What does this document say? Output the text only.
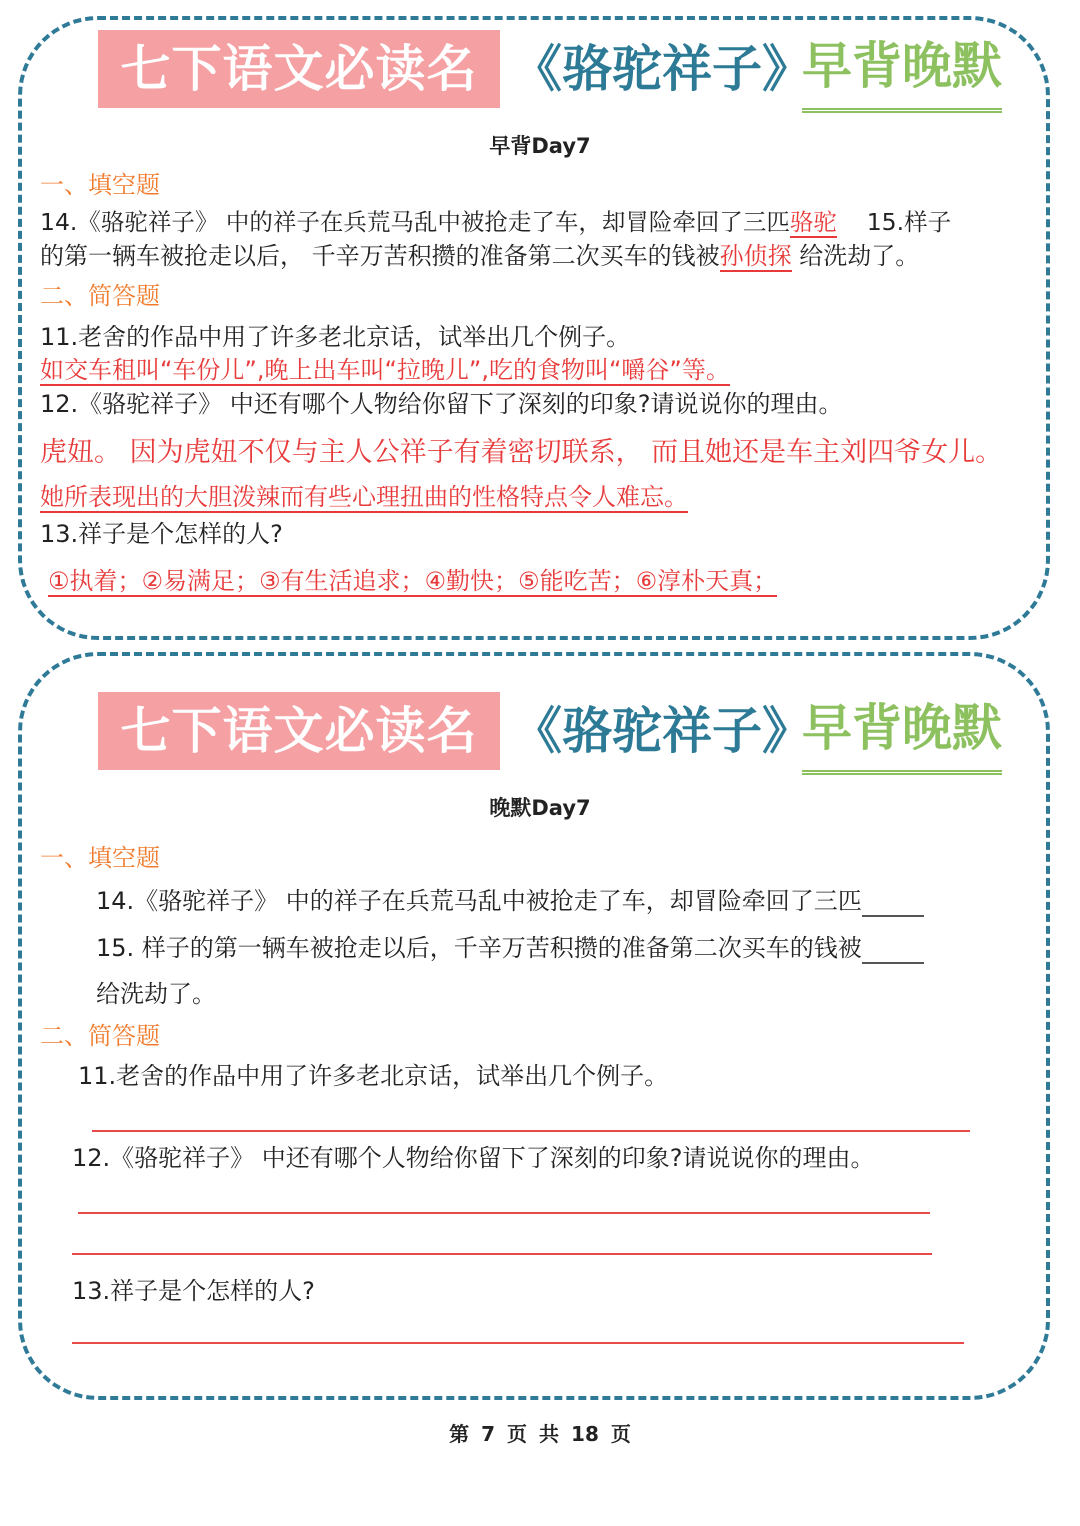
七下语文必读名著
《骆驼祥子》
早背晚默
早背Day7
一、填空题
14.《骆驼祥子》 中的祥子在兵荒马乱中被抢走了车，却冒险牵回了三匹骆驼 15.样子
的第一辆车被抢走以后， 千辛万苦积攒的准备第二次买车的钱被孙侦探 给洗劫了。
二、简答题
11.老舍的作品中用了许多老北京话，试举出几个例子。
如交车租叫“车份儿”,晚上出车叫“拉晚儿”,吃的食物叫“嚼谷”等。
12.《骆驼祥子》 中还有哪个人物给你留下了深刻的印象?请说说你的理由。
虎妞。 因为虎妞不仅与主人公祥子有着密切联系， 而且她还是车主刘四爷女儿。
她所表现出的大胆泼辣而有些心理扭曲的性格特点令人难忘。
13.祥子是个怎样的人?
①执着；②易满足；③有生活追求；④勤快；⑤能吃苦；⑥淳朴天真；
七下语文必读名著
《骆驼祥子》
早背晚默
晚默Day7
一、填空题
14.《骆驼祥子》 中的祥子在兵荒马乱中被抢走了车，却冒险牵回了三匹
15. 样子的第一辆车被抢走以后，千辛万苦积攒的准备第二次买车的钱被
给洗劫了。
二、简答题
11.老舍的作品中用了许多老北京话，试举出几个例子。
12.《骆驼祥子》 中还有哪个人物给你留下了深刻的印象?请说说你的理由。
13.祥子是个怎样的人?
第 7 页 共 18 页
